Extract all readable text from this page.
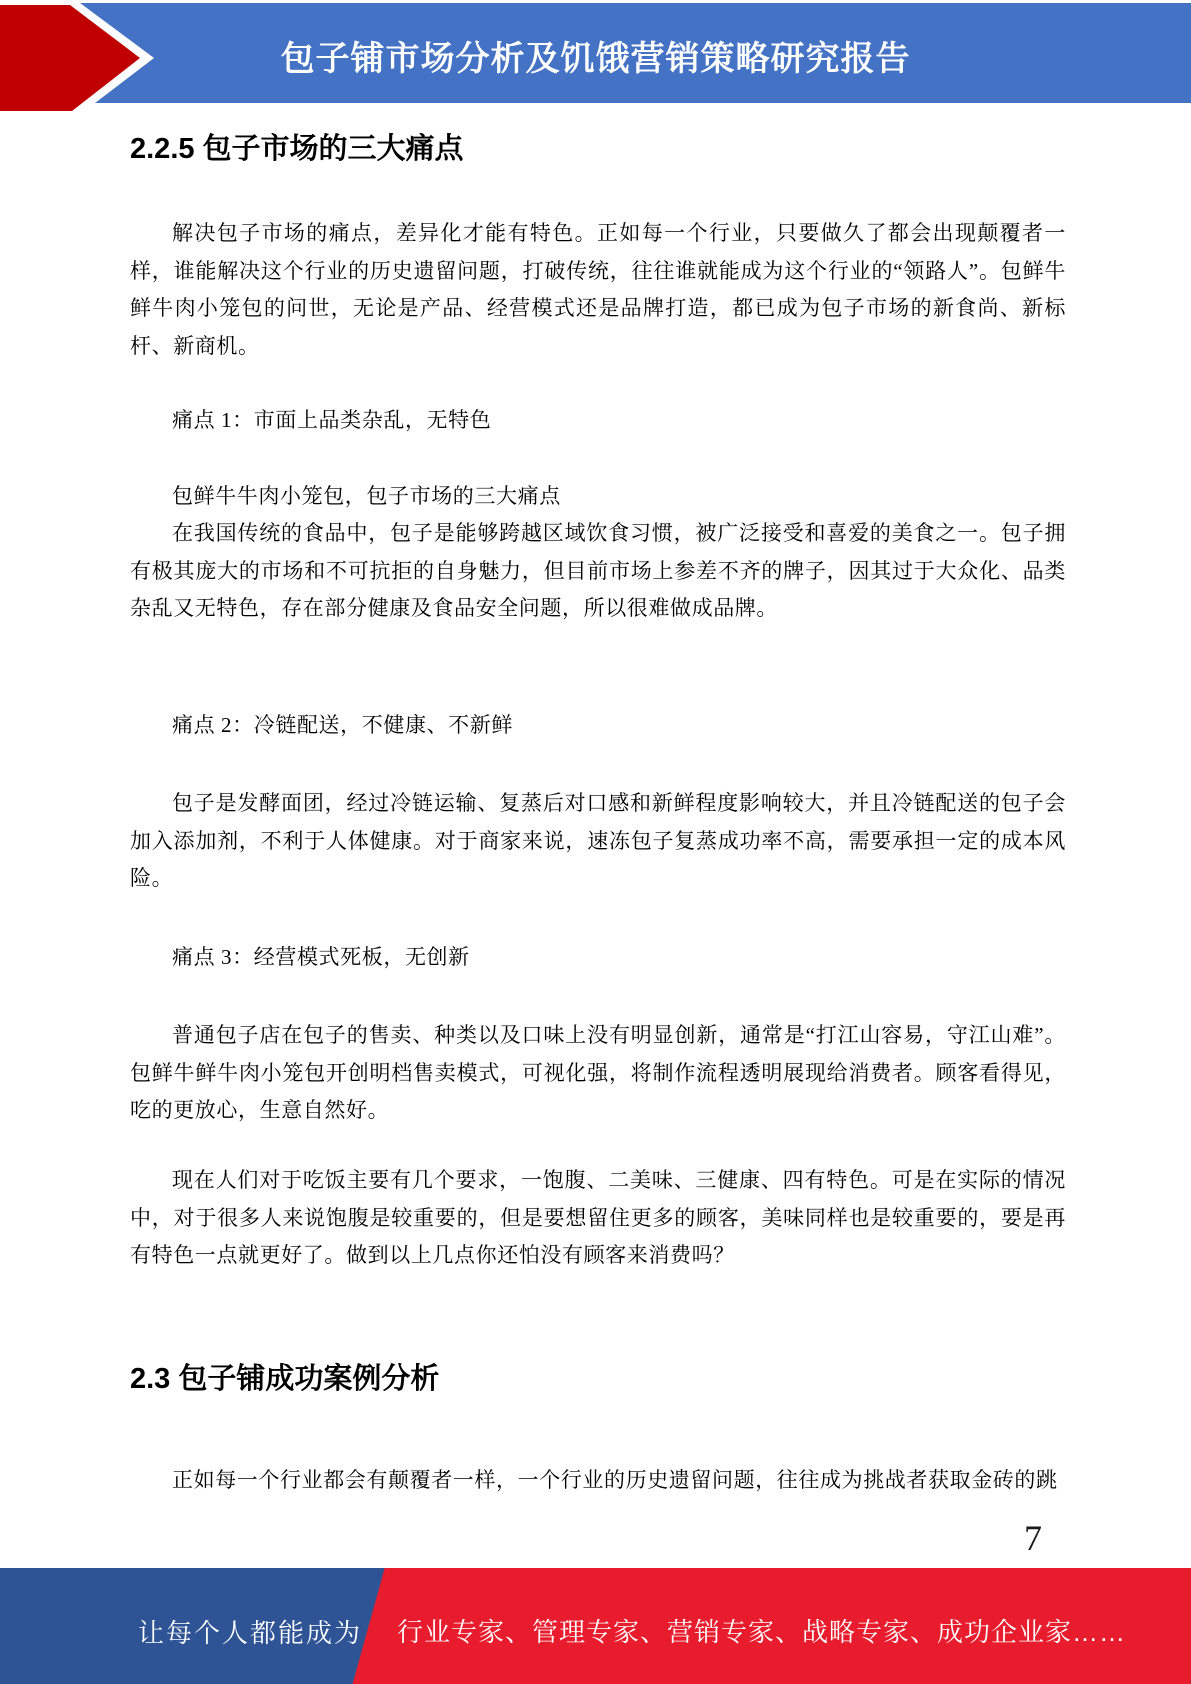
包子铺市场分析及饥饿营销策略研究报告
2.2.5 包子市场的三大痛点

解决包子市场的痛点，差异化才能有特色。正如每一个行业，只要做久了都会出现颠覆者一样，谁能解决这个行业的历史遗留问题，打破传统，往往谁就能成为这个行业的“领路人”。包鲜牛鲜牛肉小笼包的问世，无论是产品、经营模式还是品牌打造，都已成为包子市场的新食尚、新标杆、新商机。

痛点 1：市面上品类杂乱，无特色

包鲜牛牛肉小笼包，包子市场的三大痛点

在我国传统的食品中，包子是能够跨越区域饮食习惯，被广泛接受和喜爱的美食之一。包子拥有极其庞大的市场和不可抗拒的自身魅力，但目前市场上参差不齐的牌子，因其过于大众化、品类杂乱又无特色，存在部分健康及食品安全问题，所以很难做成品牌。

痛点 2：冷链配送，不健康、不新鲜

包子是发酵面团，经过冷链运输、复蒸后对口感和新鲜程度影响较大，并且冷链配送的包子会加入添加剂，不利于人体健康。对于商家来说，速冻包子复蒸成功率不高，需要承担一定的成本风险。

痛点 3：经营模式死板，无创新

普通包子店在包子的售卖、种类以及口味上没有明显创新，通常是“打江山容易，守江山难”。包鲜牛鲜牛肉小笼包开创明档售卖模式，可视化强，将制作流程透明展现给消费者。顾客看得见，吃的更放心，生意自然好。

现在人们对于吃饭主要有几个要求，一饱腹、二美味、三健康、四有特色。可是在实际的情况中，对于很多人来说饱腹是较重要的，但是要想留住更多的顾客，美味同样也是较重要的，要是再有特色一点就更好了。做到以上几点你还怕没有顾客来消费吗？

2.3 包子铺成功案例分析

正如每一个行业都会有颠覆者一样，一个行业的历史遗留问题，往往成为挑战者获取金砖的跳

7
让每个人都能成为 行业专家、管理专家、营销专家、战略专家、成功企业家……
